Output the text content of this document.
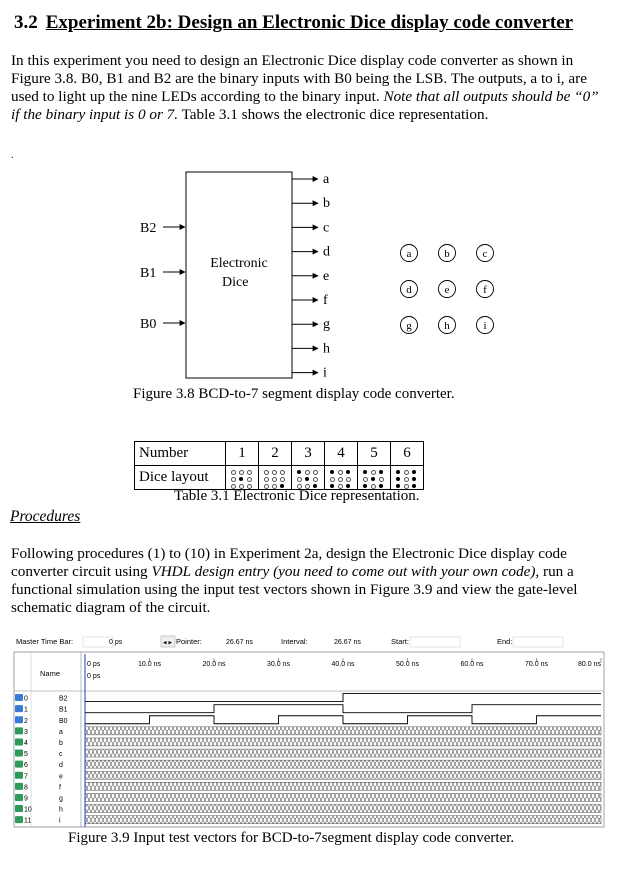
3.2 Experiment 2b: Design an Electronic Dice display code converter

In this experiment you need to design an Electronic Dice display code converter as shown in Figure 3.8. B0, B1 and B2 are the binary inputs with B0 being the LSB. The outputs, a to i, are used to light up the nine LEDs according to the binary input. Note that all outputs should be “0” if the binary input is 0 or 7. Table 3.1 shows the electronic dice representation.

.
Electronic
Dice
B2
B1
B0
a
b
c
d
e
f
g
h
i
a	b	c
d	e	f
g	h	i
Figure 3.8 BCD-to-7 segment display code converter.
Number	1	2	3	4	5	6
Dice layout	

Table 3.1 Electronic Dice representation.
Procedures

Following procedures (1) to (10) in Experiment 2a, design the Electronic Dice display code converter circuit using VHDL design entry (you need to come out with your own code), run a functional simulation using the input test vectors shown in Figure 3.9 and view the gate-level schematic diagram of the circuit.

Master Time Bar:	0 ps	◂ ▸ Pointer:	26.67 ns	Interval:	26.67 ns	Start:	End:
Name
0 ps	10.0 ns	20.0 ns	30.0 ns	40.0 ns	50.0 ns	60.0 ns	70.0 ns	80.0 ns
0	B2
1	B1
2	B0
3	a
4	b
5	c
6	d
7	e
8	f
9	g
10	h
11	i
0 ps
Figure 3.9 Input test vectors for BCD-to-7segment display code converter.
